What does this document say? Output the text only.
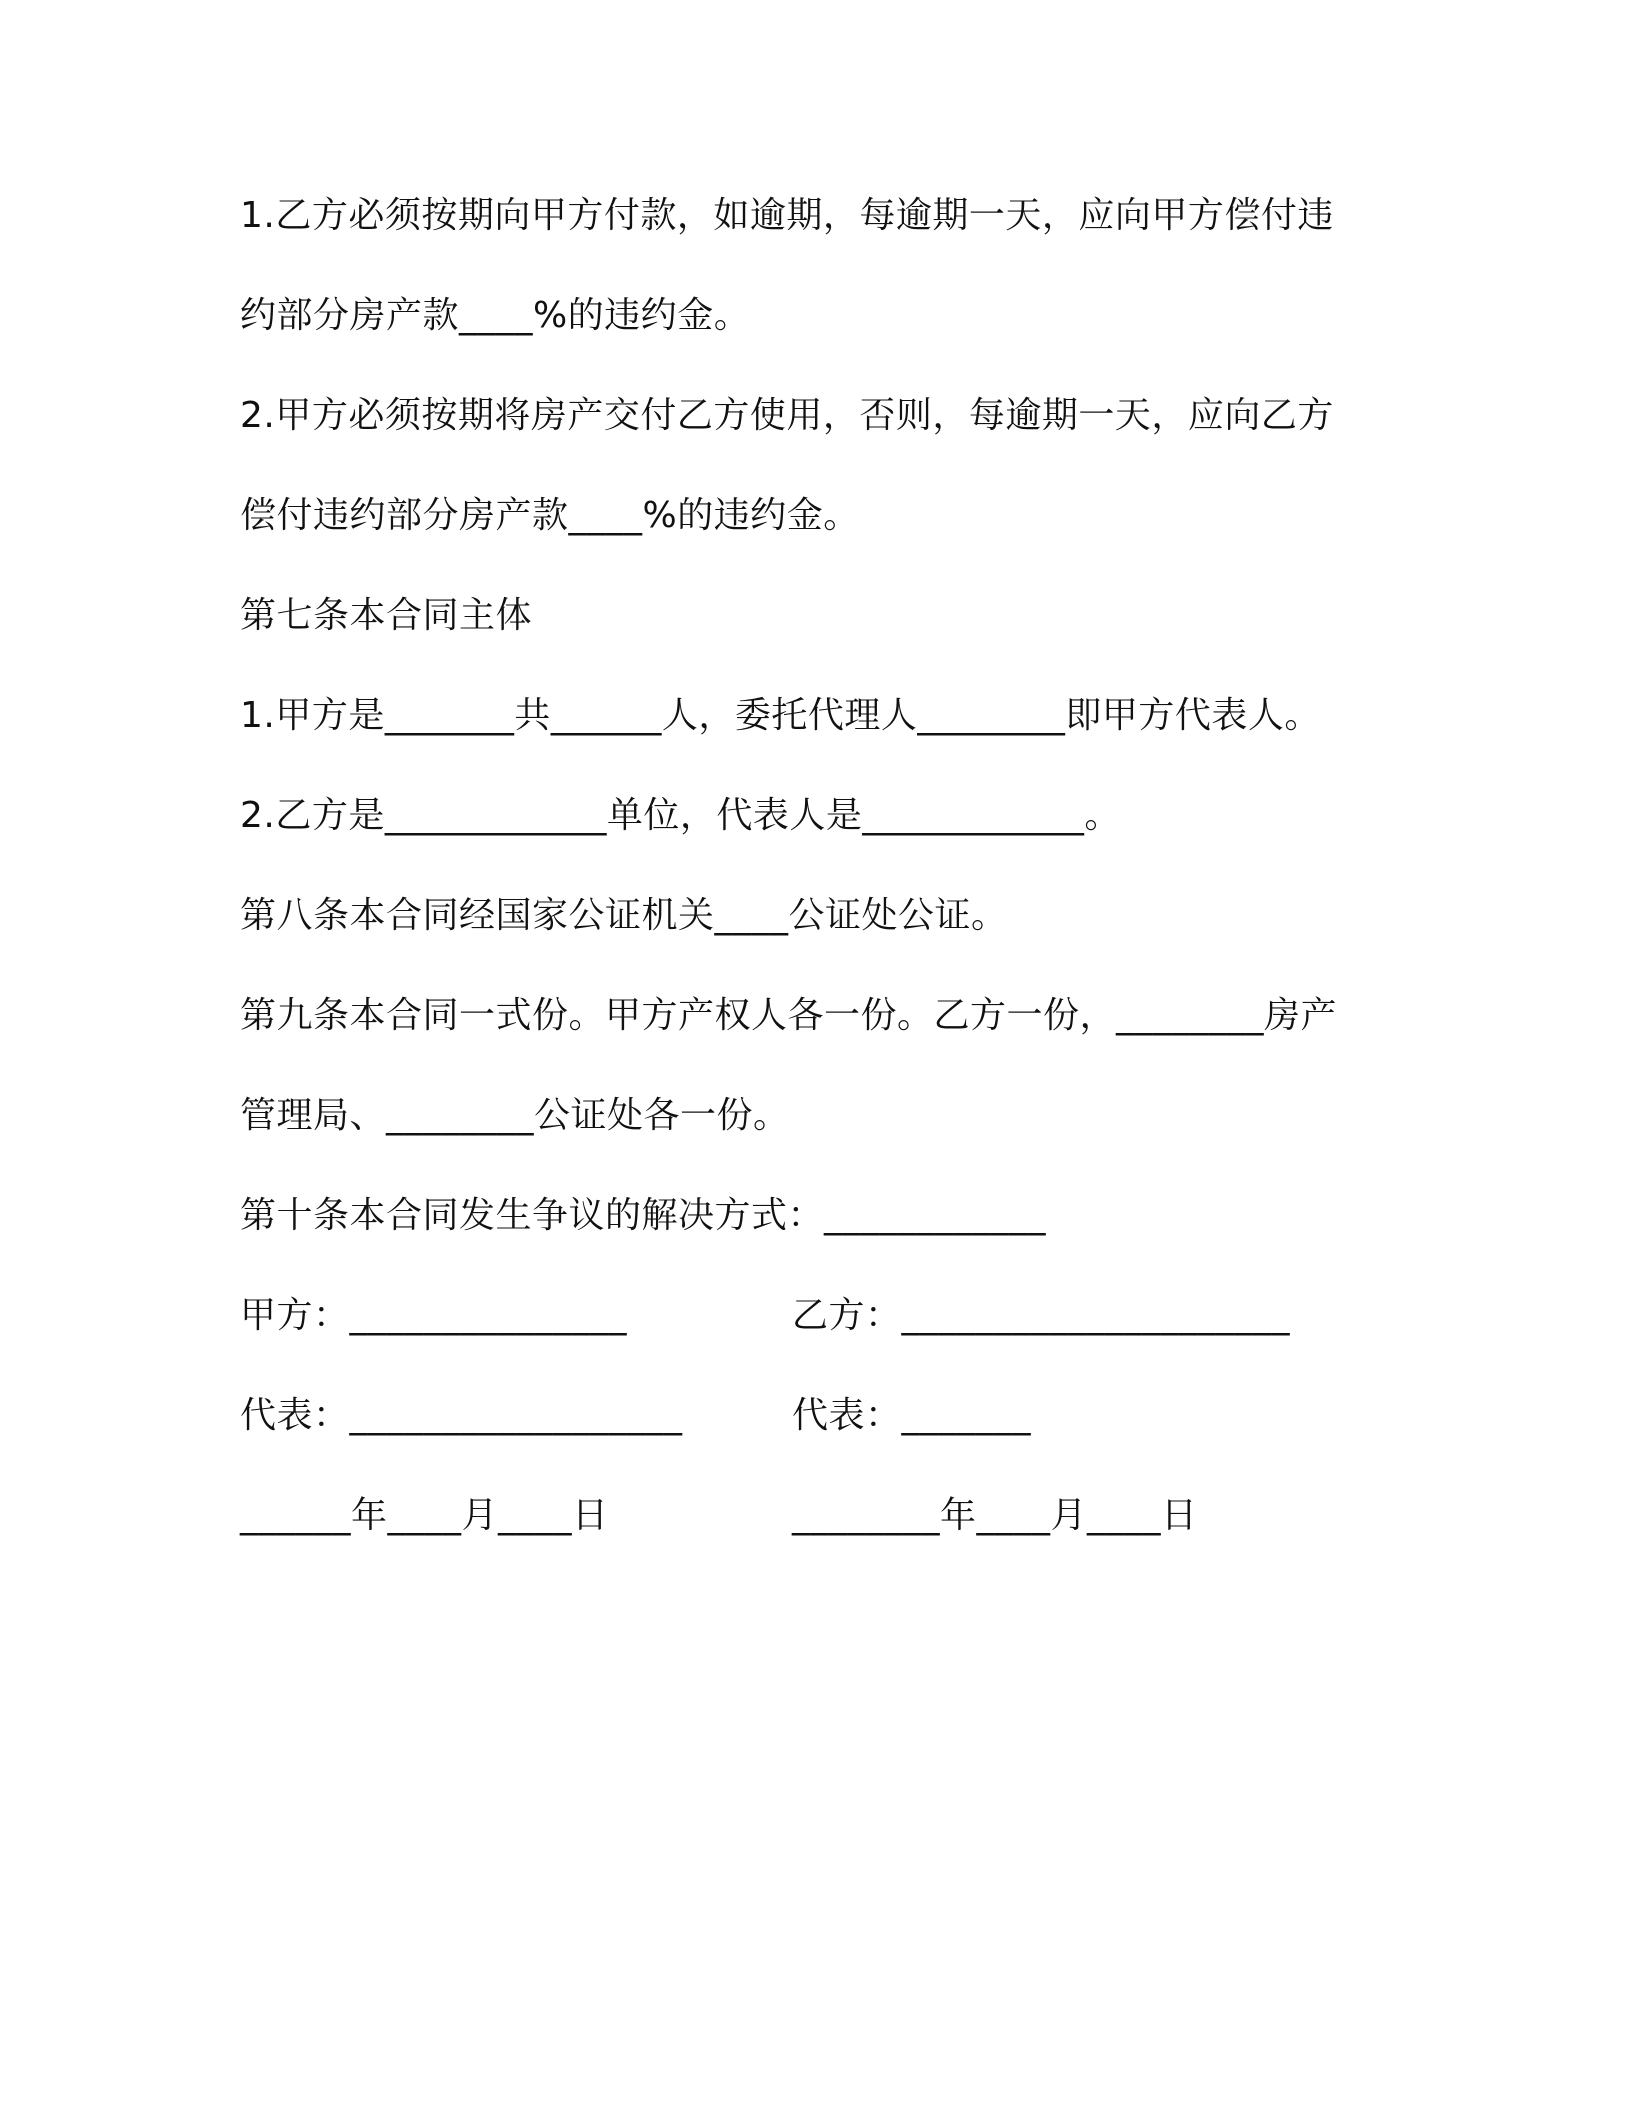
1.乙方必须按期向甲方付款，如逾期，每逾期一天，应向甲方偿付违
约部分房产款____%的违约金。
2.甲方必须按期将房产交付乙方使用，否则，每逾期一天，应向乙方
偿付违约部分房产款____%的违约金。
第七条本合同主体
1.甲方是_______共______人，委托代理人________即甲方代表人。
2.乙方是____________单位，代表人是____________。
第八条本合同经国家公证机关____公证处公证。
第九条本合同一式份。甲方产权人各一份。乙方一份，________房产
管理局、________公证处各一份。
第十条本合同发生争议的解决方式：____________
甲方：_______________	乙方：_____________________
代表：__________________	代表：_______
______年____月____日	________年____月____日
